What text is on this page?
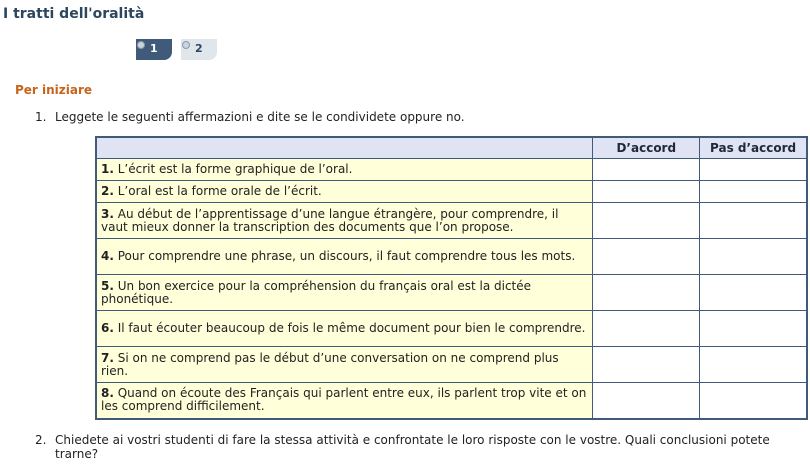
I tratti dell'oralità
1	2
Per iniziare
1. Leggete le seguenti affermazioni e dite se le condividete oppure no.
	D’accord	Pas d’accord
1. L’écrit est la forme graphique de l’oral.		
2. L’oral est la forme orale de l’écrit.		
3. Au début de l’apprentissage d’une langue étrangère, pour comprendre, il vaut mieux donner la transcription des documents que l’on propose.		
4. Pour comprendre une phrase, un discours, il faut comprendre tous les mots.		
5. Un bon exercice pour la compréhension du français oral est la dictée phonétique.		
6. Il faut écouter beaucoup de fois le même document pour bien le comprendre.		
7. Si on ne comprend pas le début d’une conversation on ne comprend plus rien.		
8. Quand on écoute des Français qui parlent entre eux, ils parlent trop vite et on les comprend difficilement.		
2. Chiedete ai vostri studenti di fare la stessa attività e confrontate le loro risposte con le vostre. Quali conclusioni potete trarne?
